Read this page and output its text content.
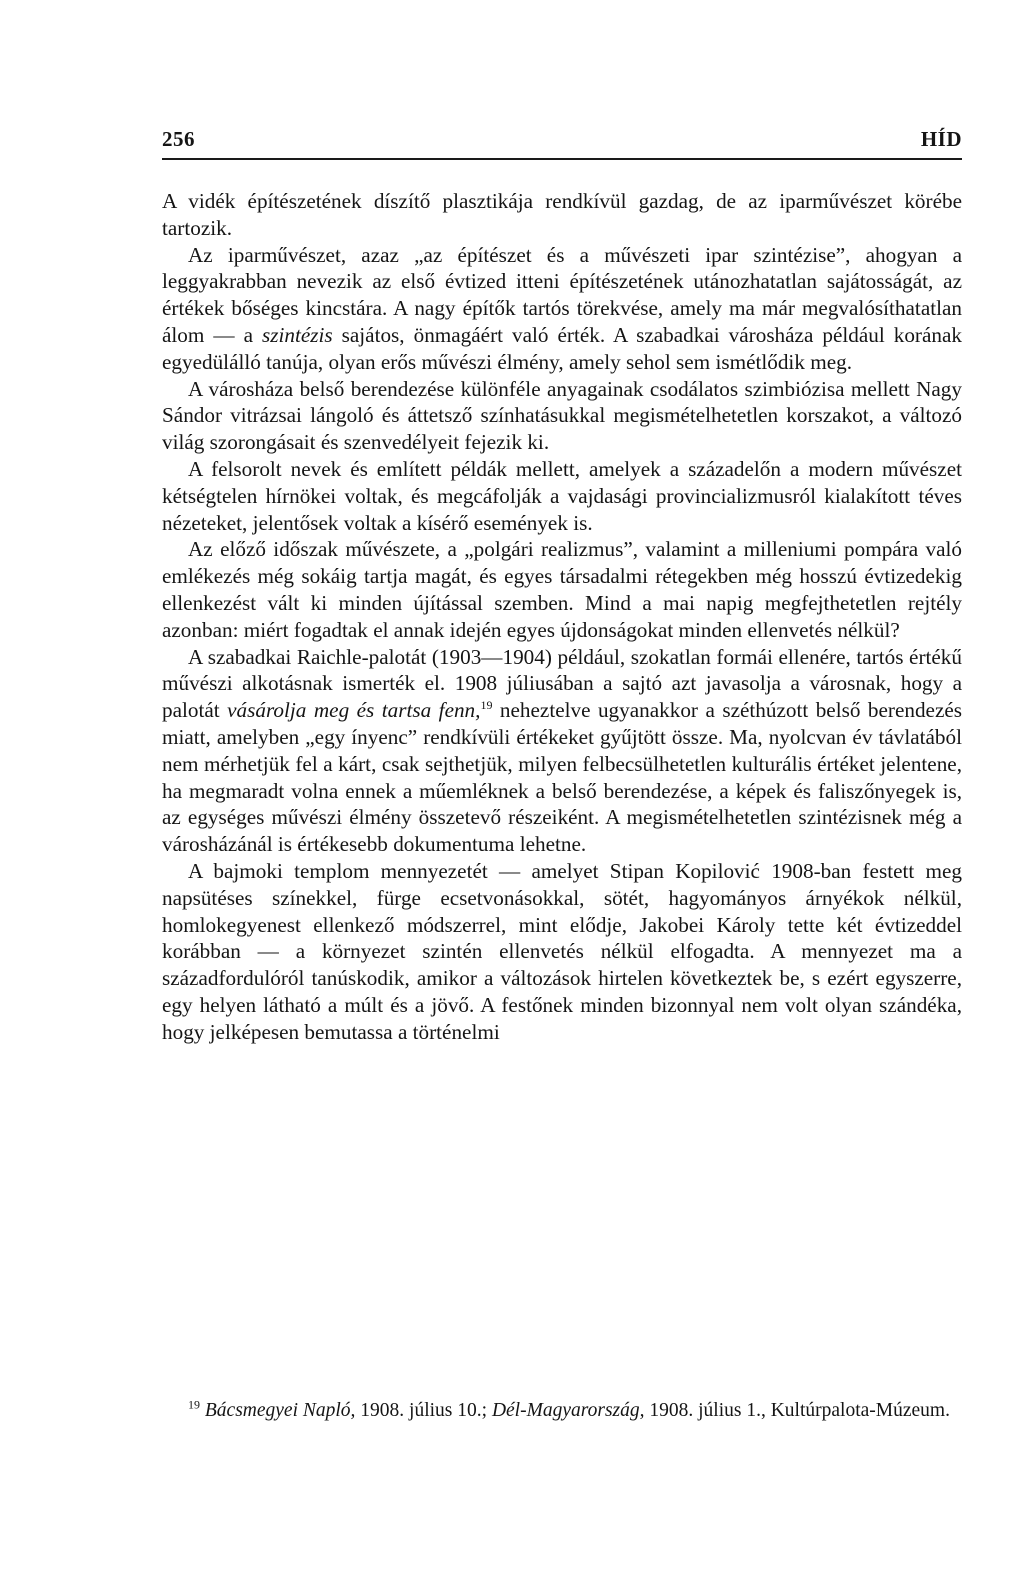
256	HÍD

A vidék építészetének díszítő plasztikája rendkívül gazdag, de az iparművészet körébe tartozik.

Az iparművészet, azaz „az építészet és a művészeti ipar szintézise”, ahogyan a leggyakrabban nevezik az első évtized itteni építészetének utánozhatatlan sajátosságát, az értékek bőséges kincstára. A nagy építők tartós törekvése, amely ma már megvalósíthatatlan álom — a szintézis sajátos, önmagáért való érték. A szabadkai városháza például korának egyedülálló tanúja, olyan erős művészi élmény, amely sehol sem ismétlődik meg.

A városháza belső berendezése különféle anyagainak csodálatos szimbiózisa mellett Nagy Sándor vitrázsai lángoló és áttetsző színhatásukkal megismételhetetlen korszakot, a változó világ szorongásait és szenvedélyeit fejezik ki.

A felsorolt nevek és említett példák mellett, amelyek a századelőn a modern művészet kétségtelen hírnökei voltak, és megcáfolják a vajdasági provincializmusról kialakított téves nézeteket, jelentősek voltak a kísérő események is.

Az előző időszak művészete, a „polgári realizmus”, valamint a milleniumi pompára való emlékezés még sokáig tartja magát, és egyes társadalmi rétegekben még hosszú évtizedekig ellenkezést vált ki minden újítással szemben. Mind a mai napig megfejthetetlen rejtély azonban: miért fogadtak el annak idején egyes újdonságokat minden ellenvetés nélkül?

A szabadkai Raichle-palotát (1903—1904) például, szokatlan formái ellenére, tartós értékű művészi alkotásnak ismerték el. 1908 júliusában a sajtó azt javasolja a városnak, hogy a palotát vásárolja meg és tartsa fenn,$^{19}$ neheztelve ugyanakkor a széthúzott belső berendezés miatt, amelyben „egy ínyenc” rendkívüli értékeket gyűjtött össze. Ma, nyolcvan év távlatából nem mérhetjük fel a kárt, csak sejthetjük, milyen felbecsülhetetlen kulturális értéket jelentene, ha megmaradt volna ennek a műemléknek a belső berendezése, a képek és faliszőnyegek is, az egységes művészi élmény összetevő részeiként. A megismételhetetlen szintézisnek még a városházánál is értékesebb dokumentuma lehetne.

A bajmoki templom mennyezetét — amelyet Stipan Kopilović 1908-ban festett meg napsütéses színekkel, fürge ecsetvonásokkal, sötét, hagyományos árnyékok nélkül, homlokegyenest ellenkező módszerrel, mint elődje, Jakobei Károly tette két évtizeddel korábban — a környezet szintén ellenvetés nélkül elfogadta. A mennyezet ma a századfordulóról tanúskodik, amikor a változások hirtelen következtek be, s ezért egyszerre, egy helyen látható a múlt és a jövő. A festőnek minden bizonnyal nem volt olyan szándéka, hogy jelképesen bemutassa a történelmi

$^{19}$ Bácsmegyei Napló, 1908. július 10.; Dél-Magyarország, 1908. július 1., Kultúrpalota-Múzeum.
